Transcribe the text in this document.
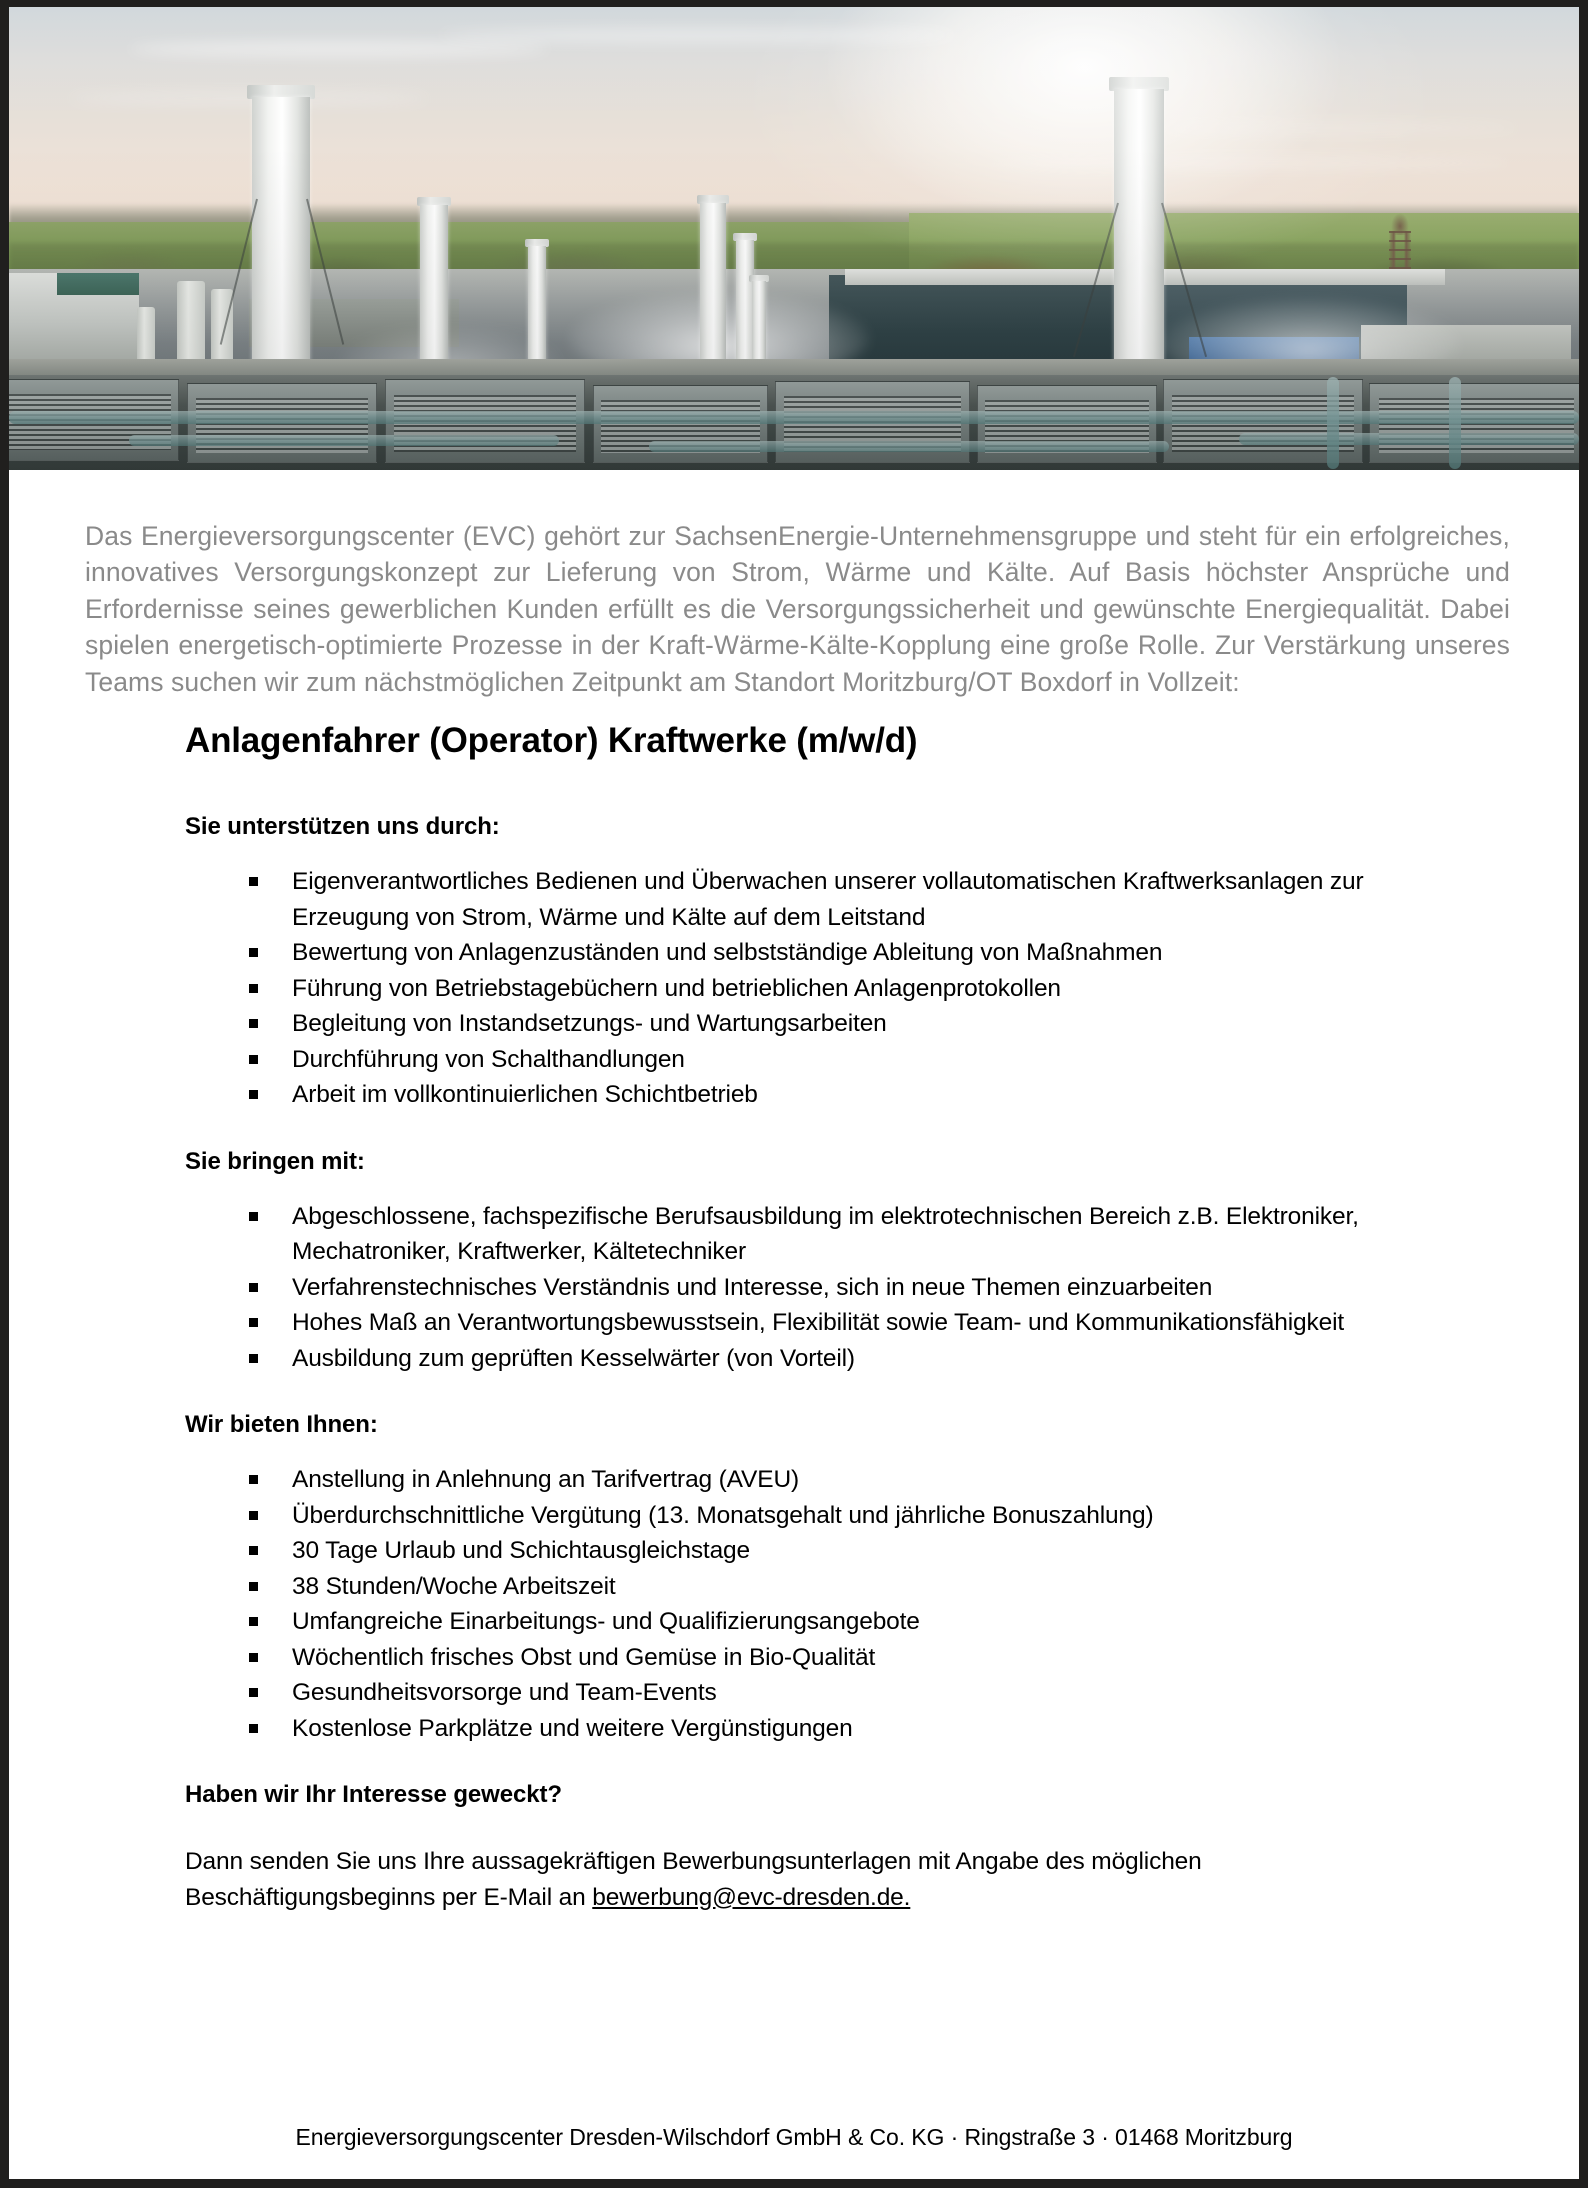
Das Energieversorgungscenter (EVC) gehört zur SachsenEnergie-Unternehmensgruppe und steht für ein erfolgreiches, innovatives Versorgungskonzept zur Lieferung von Strom, Wärme und Kälte. Auf Basis höchster Ansprüche und Erfordernisse seines gewerblichen Kunden erfüllt es die Versorgungssicherheit und gewünschte Energiequalität. Dabei spielen energetisch-optimierte Prozesse in der Kraft-Wärme-Kälte-Kopplung eine große Rolle. Zur Verstärkung unseres Teams suchen wir zum nächstmöglichen Zeitpunkt am Standort Moritzburg/OT Boxdorf in Vollzeit:

Anlagenfahrer (Operator) Kraftwerke (m/w/d)
Sie unterstützen uns durch:
Eigenverantwortliches Bedienen und Überwachen unserer vollautomatischen Kraftwerksanlagen zur Erzeugung von Strom, Wärme und Kälte auf dem Leitstand
Bewertung von Anlagenzuständen und selbstständige Ableitung von Maßnahmen
Führung von Betriebstagebüchern und betrieblichen Anlagenprotokollen
Begleitung von Instandsetzungs- und Wartungsarbeiten
Durchführung von Schalthandlungen
Arbeit im vollkontinuierlichen Schichtbetrieb
Sie bringen mit:
Abgeschlossene, fachspezifische Berufsausbildung im elektrotechnischen Bereich z.B. Elektroniker, Mechatroniker, Kraftwerker, Kältetechniker
Verfahrenstechnisches Verständnis und Interesse, sich in neue Themen einzuarbeiten
Hohes Maß an Verantwortungsbewusstsein, Flexibilität sowie Team- und Kommunikationsfähigkeit
Ausbildung zum geprüften Kesselwärter (von Vorteil)
Wir bieten Ihnen:
Anstellung in Anlehnung an Tarifvertrag (AVEU)
Überdurchschnittliche Vergütung (13. Monatsgehalt und jährliche Bonuszahlung)
30 Tage Urlaub und Schichtausgleichstage
38 Stunden/Woche Arbeitszeit
Umfangreiche Einarbeitungs- und Qualifizierungsangebote
Wöchentlich frisches Obst und Gemüse in Bio-Qualität
Gesundheitsvorsorge und Team-Events
Kostenlose Parkplätze und weitere Vergünstigungen
Haben wir Ihr Interesse geweckt?

Dann senden Sie uns Ihre aussagekräftigen Bewerbungsunterlagen mit Angabe des möglichen Beschäftigungsbeginns per E-Mail an bewerbung@evc-dresden.de.

Energieversorgungscenter Dresden-Wilschdorf GmbH & Co. KG · Ringstraße 3 · 01468 Moritzburg
